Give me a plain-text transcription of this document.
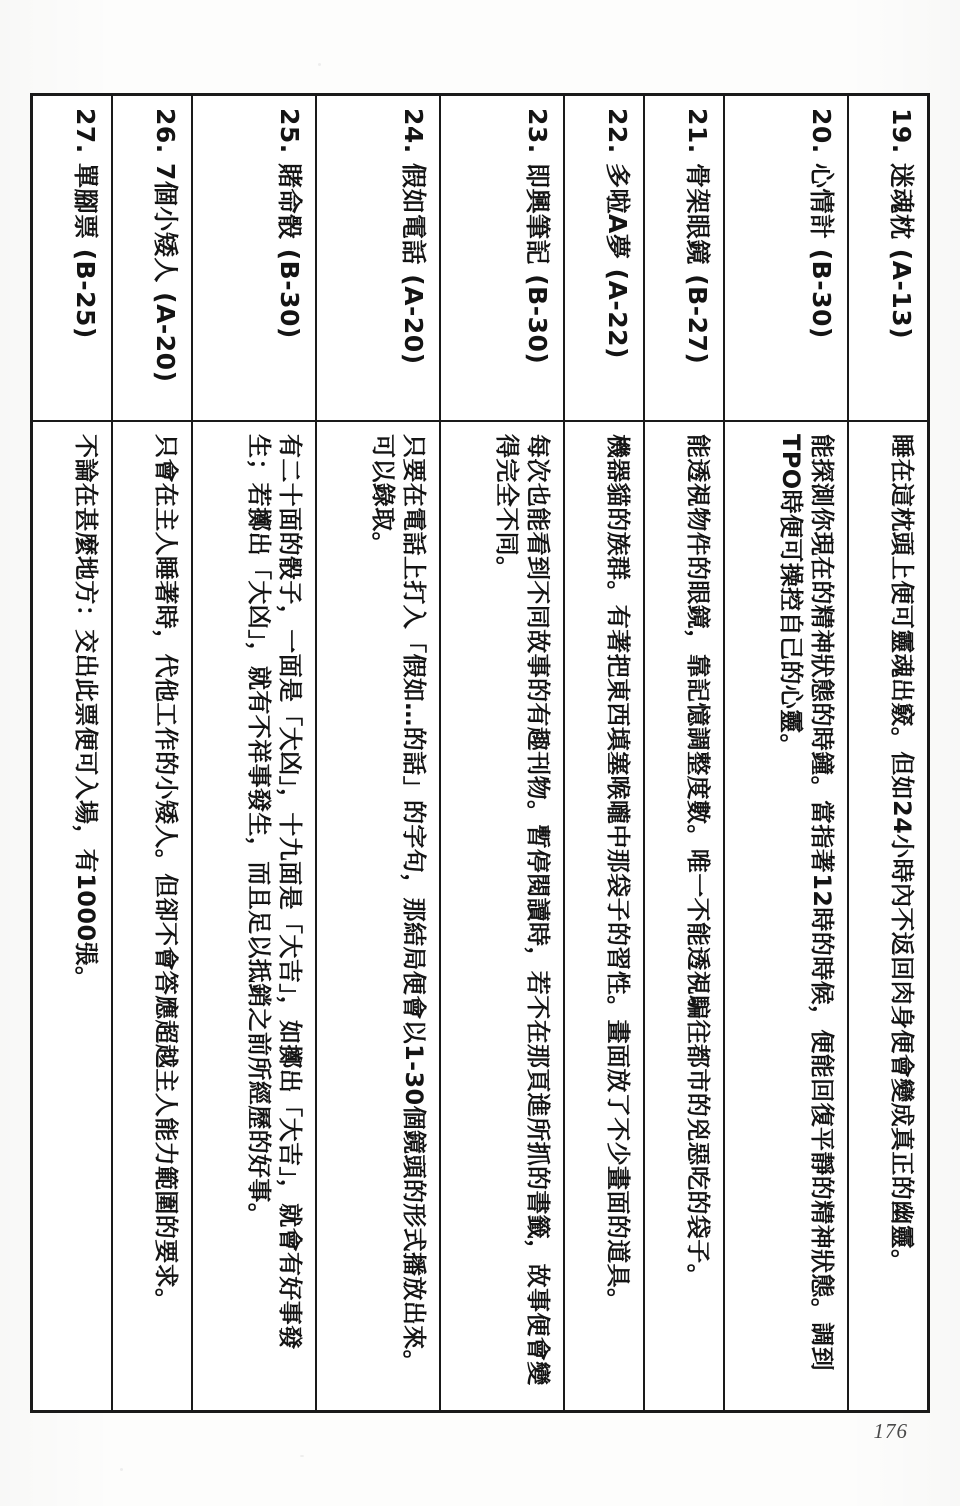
19. 迷魂枕 (A-13)	睡在這枕頭上便可靈魂出竅。但如24小時內不返回肉身便會變成真正的幽靈。
20. 心情計 (B-30)	能探測你現在的精神狀態的時鐘。當指著12時的時候，便能回復平靜的精神狀態。調到TPO時便可操控自己的心靈。
21. 骨架眼鏡 (B-27)	能透視物件的眼鏡，靠記憶調整度數。唯一不能透視騙往都市的兇惡吃的袋子。
22. 多啦A夢 (A-22)	機器貓的族群。有著把東西填塞喉嚨中那袋子的習性。畫面放了不少畫面的道具。
23. 即興筆記 (B-30)	每次也能看到不同故事的有趣刊物。暫停閱讀時，若不在那頁進所抓的書籤，故事便會變得完全不同。
24. 假如電話 (A-20)	只要在電話上打入「假如…的話」的字句，那結局便會以1-30個鏡頭的形式播放出來。可以錄取。
25. 賭命骰 (B-30)	有二十面的骰子，一面是「大凶」，十九面是「大吉」，如擲出「大吉」，就會有好事發生；若擲出「大凶」，就有不祥事發生，而且足以抵銷之前所經歷的好事。
26. 7個小矮人 (A-20)	只會在主人睡著時，代他工作的小矮人。但卻不會答應超越主人能力範圍的要求。
27. 單腳票 (B-25)	不論在甚麼地方：交出此票便可入場，有1000張。
176
